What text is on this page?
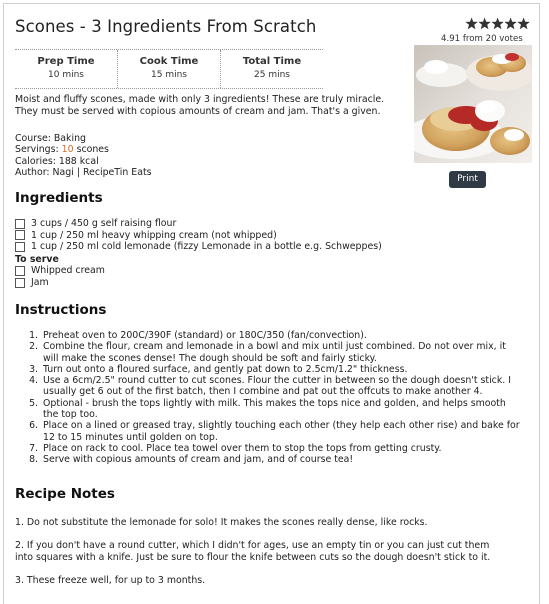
Scones - 3 Ingredients From Scratch
4.91 from 20 votes
Prep Time
10 mins
Cook Time
15 mins
Total Time
25 mins
Print
Moist and fluffy scones, made with only 3 ingredients! These are truly miracle. They must be served with copious amounts of cream and jam. That's a given.
Course: Baking
Servings: 10 scones
Calories: 188 kcal
Author: Nagi | RecipeTin Eats
Ingredients
3 cups / 450 g self raising flour
1 cup / 250 ml heavy whipping cream (not whipped)
1 cup / 250 ml cold lemonade (fizzy Lemonade in a bottle e.g. Schweppes)
To serve
Whipped cream
Jam
Instructions
1. Preheat oven to 200C/390F (standard) or 180C/350 (fan/convection).
2. Combine the flour, cream and lemonade in a bowl and mix until just combined. Do not over mix, it will make the scones dense! The dough should be soft and fairly sticky.
3. Turn out onto a floured surface, and gently pat down to 2.5cm/1.2" thickness.
4. Use a 6cm/2.5" round cutter to cut scones. Flour the cutter in between so the dough doesn't stick. I usually get 6 out of the first batch, then I combine and pat out the offcuts to make another 4.
5. Optional - brush the tops lightly with milk. This makes the tops nice and golden, and helps smooth the top too.
6. Place on a lined or greased tray, slightly touching each other (they help each other rise) and bake for 12 to 15 minutes until golden on top.
7. Place on rack to cool. Place tea towel over them to stop the tops from getting crusty.
8. Serve with copious amounts of cream and jam, and of course tea!
Recipe Notes

1. Do not substitute the lemonade for solo! It makes the scones really dense, like rocks.

2. If you don't have a round cutter, which I didn't for ages, use an empty tin or you can just cut them into squares with a knife. Just be sure to flour the knife between cuts so the dough doesn't stick to it.

3. These freeze well, for up to 3 months.
